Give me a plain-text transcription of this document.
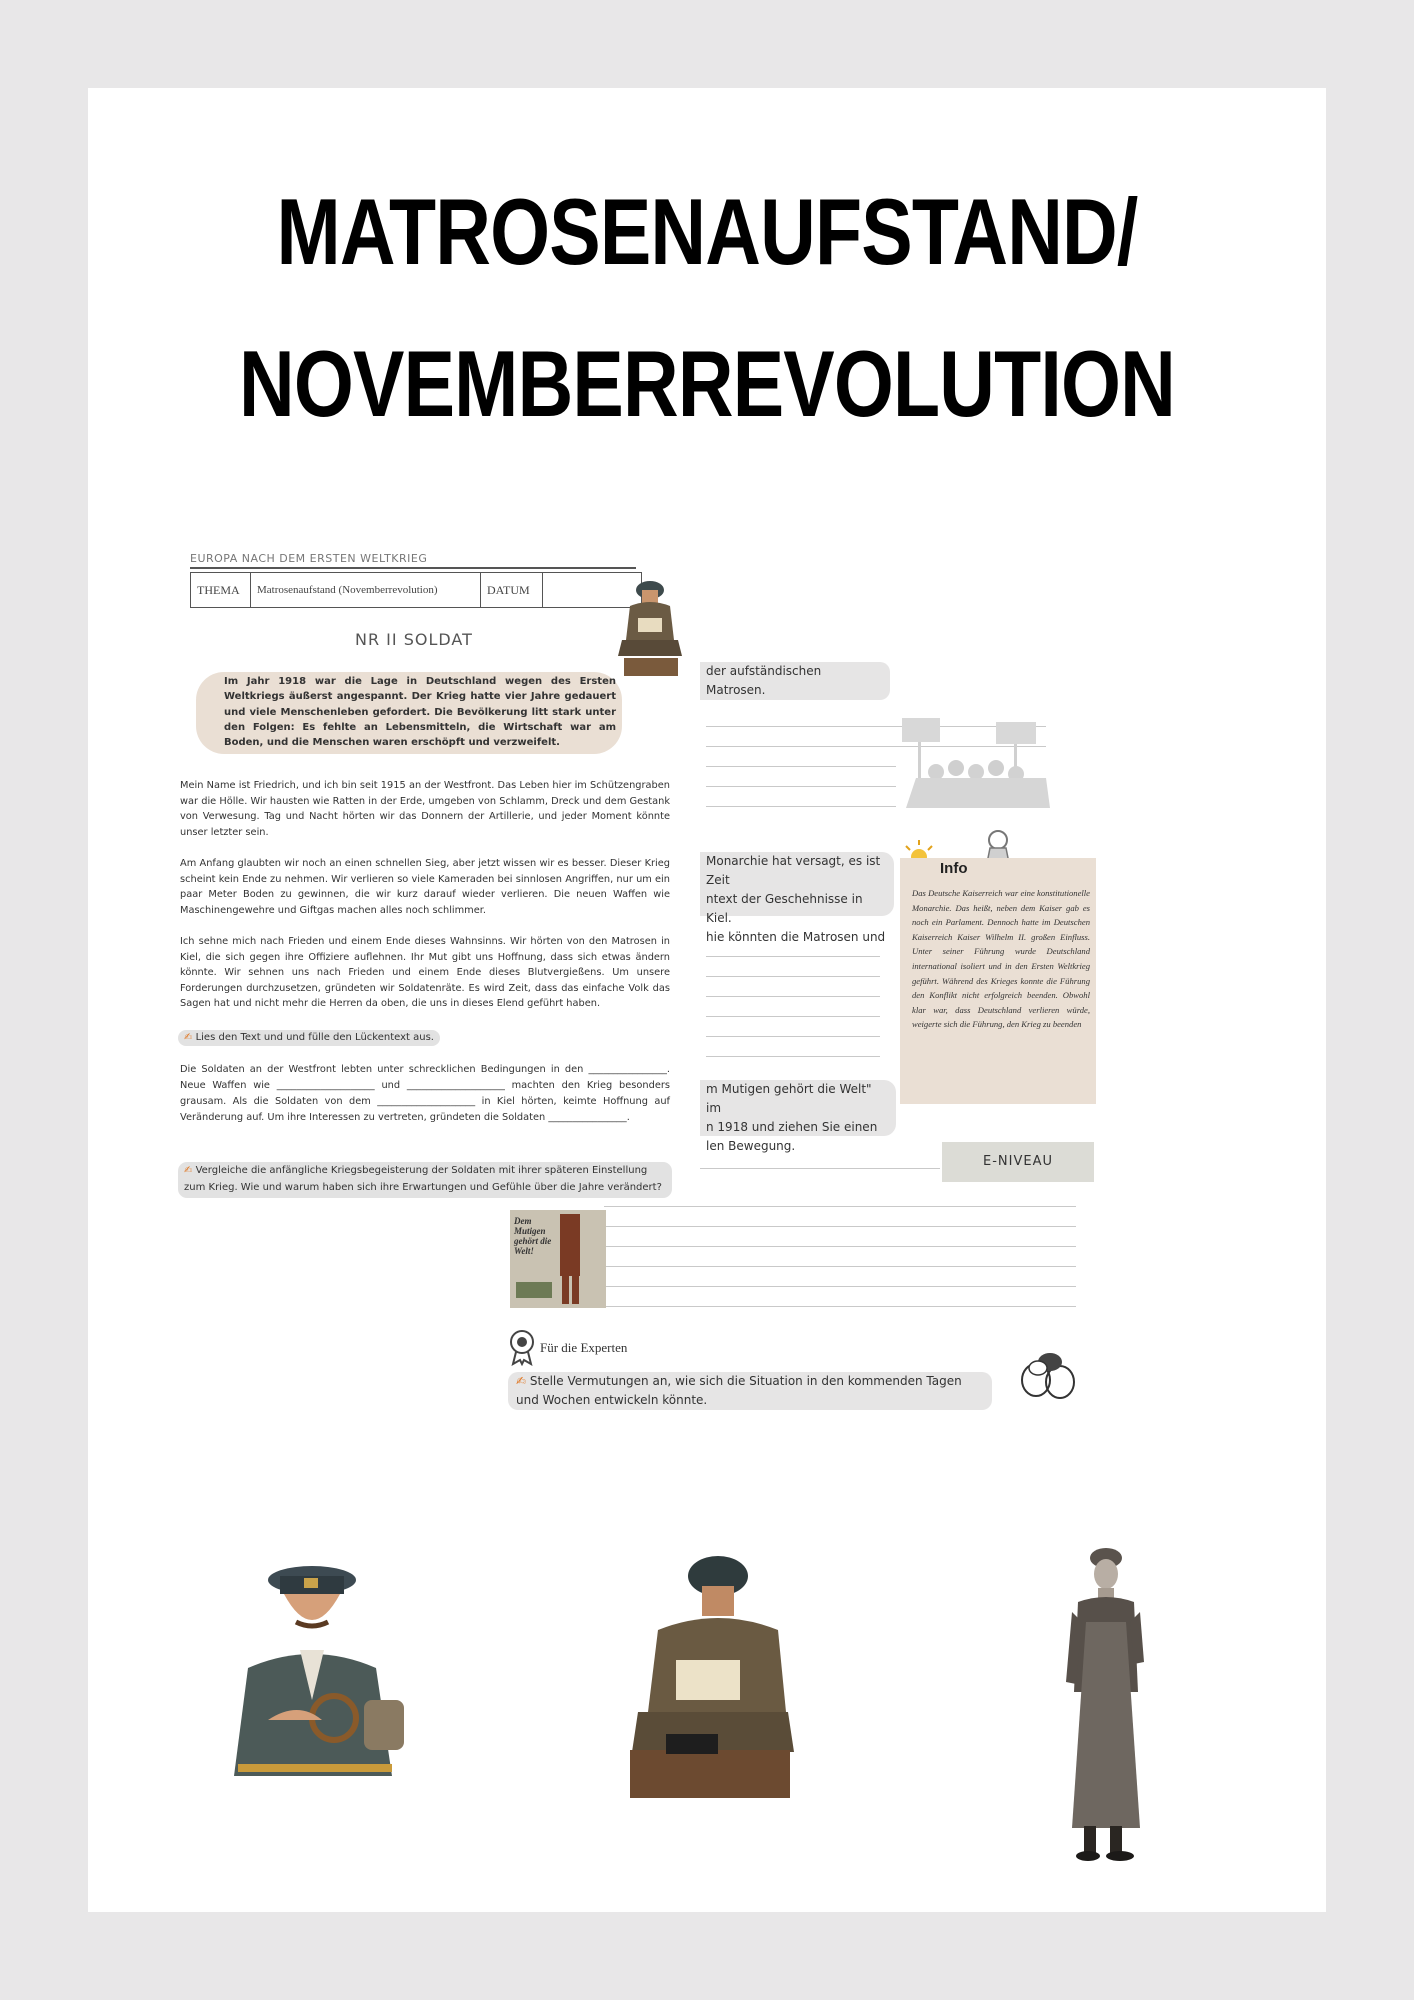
MATROSENAUFSTAND/
NOVEMBERREVOLUTION
der aufständischen Matrosen.
Monarchie hat versagt, es ist Zeit
ntext der Geschehnisse in Kiel.
hie könnten die Matrosen und
Info
Das Deutsche Kaiserreich war eine konstitutionelle Monarchie. Das heißt, neben dem Kaiser gab es noch ein Parlament. Dennoch hatte im Deutschen Kaiserreich Kaiser Wilhelm II. großen Einfluss. Unter seiner Führung wurde Deutschland international isoliert und in den Ersten Weltkrieg geführt. Während des Krieges konnte die Führung den Konflikt nicht erfolgreich beenden. Obwohl klar war, dass Deutschland verlieren würde, weigerte sich die Führung, den Krieg zu beenden
m Mutigen gehört die Welt" im
n 1918 und ziehen Sie einen
len Bewegung.
E-NIVEAU
Dem Mutigen gehört die Welt!
Für die Experten
✍ Stelle Vermutungen an, wie sich die Situation in den kommenden Tagen und Wochen entwickeln könnte.
EUROPA NACH DEM ERSTEN WELTKRIEG
THEMA	Matrosenaufstand (Novemberrevolution)	DATUM
NR II SOLDAT
Im Jahr 1918 war die Lage in Deutschland wegen des Ersten Weltkriegs äußerst angespannt. Der Krieg hatte vier Jahre gedauert und viele Menschenleben gefordert. Die Bevölkerung litt stark unter den Folgen: Es fehlte an Lebensmitteln, die Wirtschaft war am Boden, und die Menschen waren erschöpft und verzweifelt.
Mein Name ist Friedrich, und ich bin seit 1915 an der Westfront. Das Leben hier im Schützengraben war die Hölle. Wir hausten wie Ratten in der Erde, umgeben von Schlamm, Dreck und dem Gestank von Verwesung. Tag und Nacht hörten wir das Donnern der Artillerie, und jeder Moment könnte unser letzter sein.
Am Anfang glaubten wir noch an einen schnellen Sieg, aber jetzt wissen wir es besser. Dieser Krieg scheint kein Ende zu nehmen. Wir verlieren so viele Kameraden bei sinnlosen Angriffen, nur um ein paar Meter Boden zu gewinnen, die wir kurz darauf wieder verlieren. Die neuen Waffen wie Maschinengewehre und Giftgas machen alles noch schlimmer.
Ich sehne mich nach Frieden und einem Ende dieses Wahnsinns. Wir hörten von den Matrosen in Kiel, die sich gegen ihre Offiziere auflehnen. Ihr Mut gibt uns Hoffnung, dass sich etwas ändern könnte. Wir sehnen uns nach Frieden und einem Ende dieses Blutvergießens. Um unsere Forderungen durchzusetzen, gründeten wir Soldatenräte. Es wird Zeit, dass das einfache Volk das Sagen hat und nicht mehr die Herren da oben, die uns in dieses Elend geführt haben.
✍ Lies den Text und und fülle den Lückentext aus.
Die Soldaten an der Westfront lebten unter schrecklichen Bedingungen in den ________________. Neue Waffen wie ____________________ und ____________________ machten den Krieg besonders grausam. Als die Soldaten von dem ____________________ in Kiel hörten, keimte Hoffnung auf Veränderung auf. Um ihre Interessen zu vertreten, gründeten die Soldaten ________________.
✍ Vergleiche die anfängliche Kriegsbegeisterung der Soldaten mit ihrer späteren Einstellung zum Krieg. Wie und warum haben sich ihre Erwartungen und Gefühle über die Jahre verändert?
